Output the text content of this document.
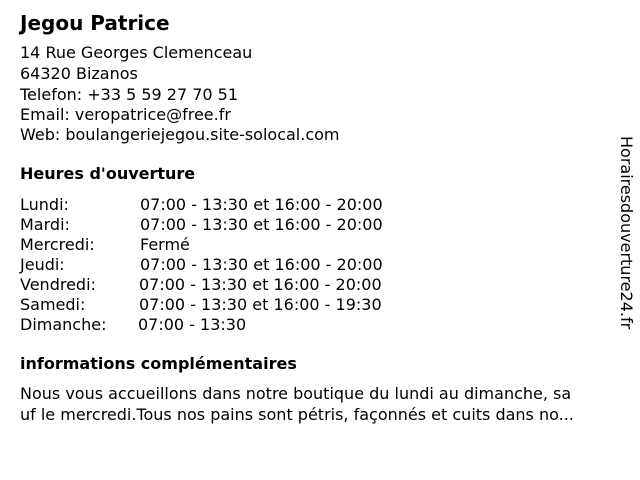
Jegou Patrice
14 Rue Georges Clemenceau
64320 Bizanos
Telefon: +33 5 59 27 70 51
Email: veropatrice@free.fr
Web: boulangeriejegou.site-solocal.com
Heures d'ouverture
Lundi:	07:00 - 13:30 et 16:00 - 20:00
Mardi:	07:00 - 13:30 et 16:00 - 20:00
Mercredi:	Fermé
Jeudi:	07:00 - 13:30 et 16:00 - 20:00
Vendredi:	07:00 - 13:30 et 16:00 - 20:00
Samedi:	07:00 - 13:30 et 16:00 - 19:30
Dimanche: 07:00 - 13:30
informations complémentaires

Nous vous accueillons dans notre boutique du lundi au dimanche, sa

uf le mercredi.Tous nos pains sont pétris, façonnés et cuits dans no...

Horairesdouverture24.fr
